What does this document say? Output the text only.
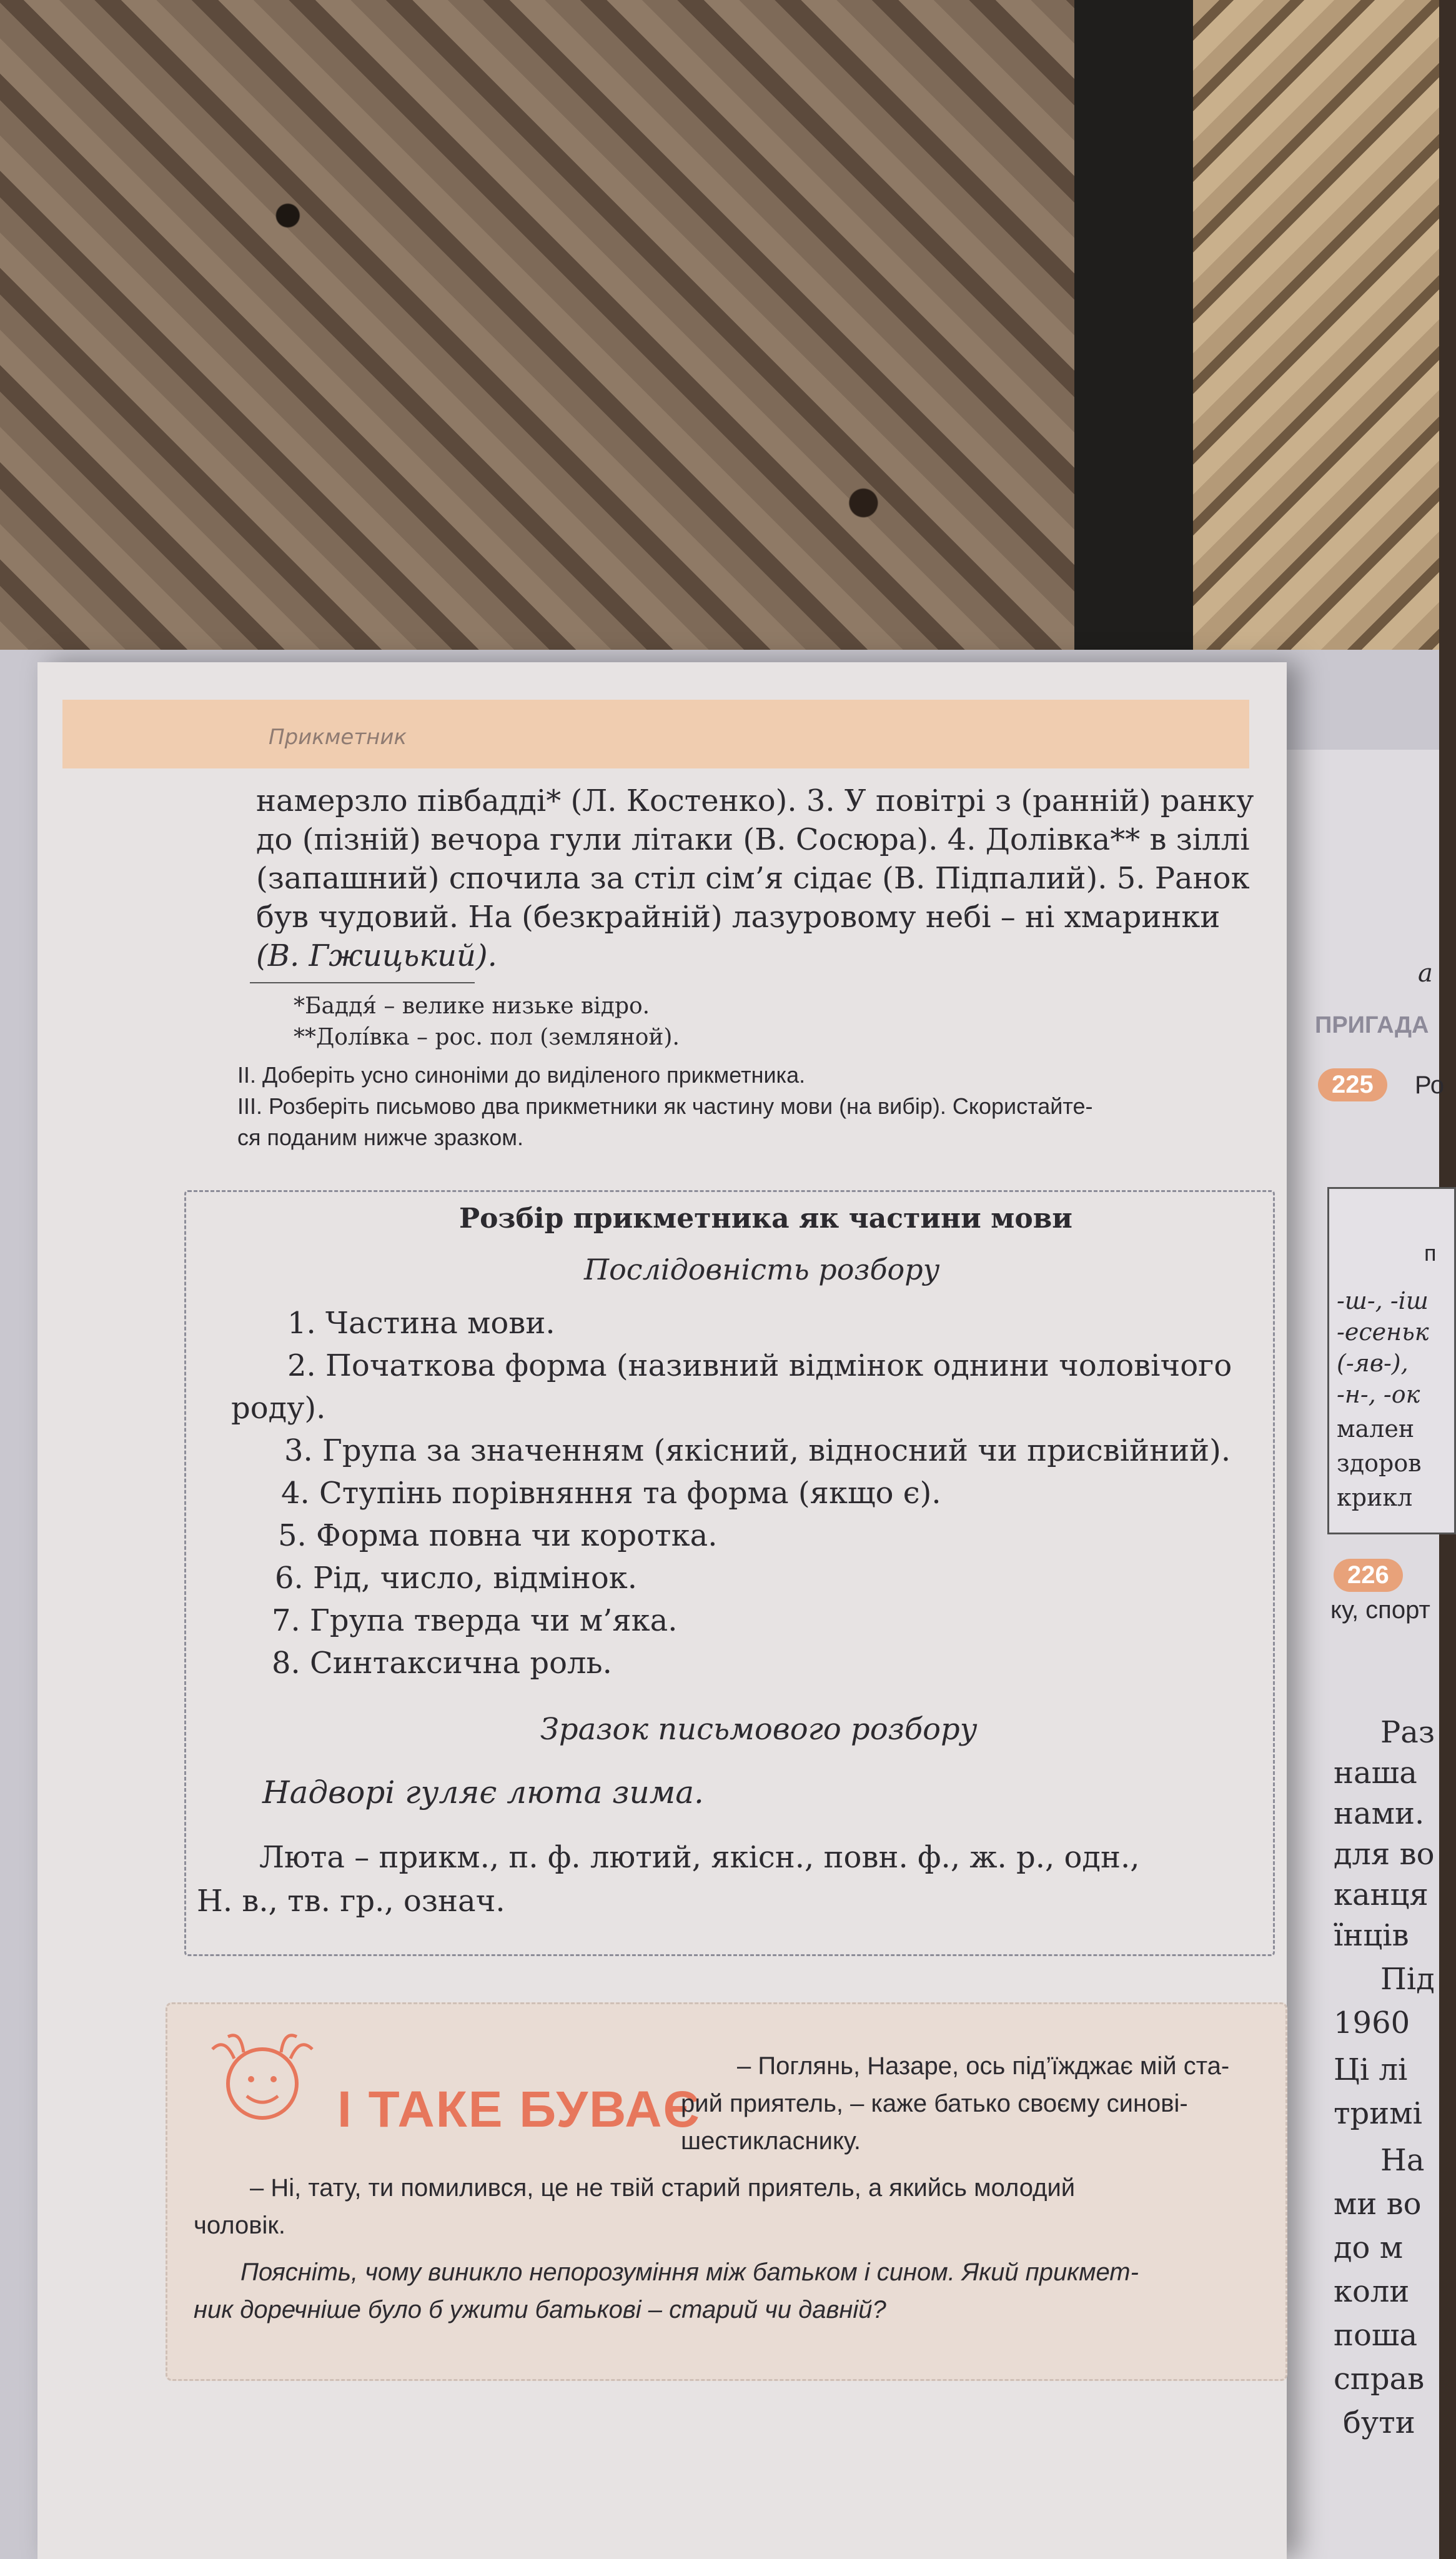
Прикметник
намерзло півбадді* (Л. Костенко). 3. У повітрі з (ранній) ранку
до (пізній) вечора гули літаки (В. Сосюра). 4. Долівка** в зіллі
(запашний) спочила за стіл сім’я сідає (В. Підпалий). 5. Ранок
був чудовий. На (безкрайній) лазуровому небі – ні хмаринки
(В. Гжицький).
*Баддя́ – велике низьке відро.
**Долі́вка – рос. пол (земляной).
II. Доберіть усно синоніми до виділеного прикметника.
III. Розберіть письмово два прикметники як частину мови (на вибір). Скористайте-
ся поданим нижче зразком.
Розбір прикметника як частини мови
Послідовність розбору
1. Частина мови.
2. Початкова форма (називний відмінок однини чоловічого
роду).
3. Група за значенням (якісний, відносний чи присвійний).
4. Ступінь порівняння та форма (якщо є).
5. Форма повна чи коротка.
6. Рід, число, відмінок.
7. Група тверда чи м’яка.
8. Синтаксична роль.
Зразок письмового розбору
Надворі гуляє люта зима.
Люта – прикм., п. ф. лютий, якісн., повн. ф., ж. р., одн.,
Н. в., тв. гр., означ.
І ТАКЕ БУВАЄ
– Поглянь, Назаре, ось під’їжджає мій ста-
рий приятель, – каже батько своєму синові-
шестикласнику.
– Ні, тату, ти помилився, це не твій старий приятель, а якийсь молодий
чоловік.
Поясніть, чому виникло непорозуміння між батьком і сином. Який прикмет-
ник доречніше було б ужити батькові – старий чи давній?
а
ПРИГАДА
225	Ро
п
-ш-, -іш
-есеньк
(-яв-),
-н-, -ок
мален
здоров
крикл
226
ку, спорт
Раз
наша
нами.
для во
канця
їнців
Під
1960
Ці лі
тримі
На
ми во
до м
коли
поша
справ
бути
